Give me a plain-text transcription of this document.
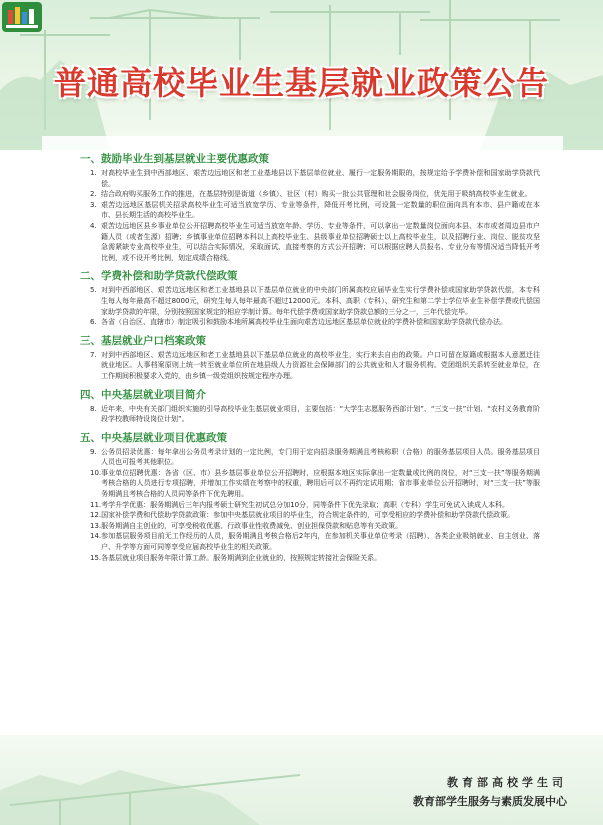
普通高校毕业生基层就业政策公告
一、鼓励毕业生到基层就业主要优惠政策
1. 对高校毕业生到中西部地区、艰苦边远地区和老工业基地县以下基层单位就业、履行一定服务期限的，按规定给予学费补偿和国家助学贷款代偿。
2. 结合政府购买服务工作的推进，在基层特别是街道（乡镇）、社区（村）购买一批公共管理和社会服务岗位，优先用于吸纳高校毕业生就业。
3. 艰苦边远地区基层机关招录高校毕业生可适当放宽学历、专业等条件，降低开考比例，可设置一定数量的职位面向具有本市、县户籍或在本市、县长期生活的高校毕业生。
4. 艰苦边远地区县乡事业单位公开招聘高校毕业生可适当放宽年龄、学历、专业等条件，可以拿出一定数量岗位面向本县、本市或者周边县市户籍人员（或者生源）招聘；乡镇事业单位招聘本科以上高校毕业生、县级事业单位招聘硕士以上高校毕业生，以及招聘行业、岗位、脱贫攻坚急需紧缺专业高校毕业生，可以结合实际情况，采取面试、直接考察的方式公开招聘；可以根据应聘人员报名、专业分布等情况适当降低开考比例，或不设开考比例，划定成绩合格线。
二、学费补偿和助学贷款代偿政策
5. 对到中西部地区、艰苦边远地区和老工业基地县以下基层单位就业的中央部门所属高校应届毕业生实行学费补偿或国家助学贷款代偿，本专科生每人每年最高不超过8000元，研究生每人每年最高不超过12000元。本科、高职（专科）、研究生和第二学士学位毕业生补偿学费或代偿国家助学贷款的年限，分别按照国家规定的相应学制计算。每年代偿学费或国家助学贷款总额的三分之一，三年代偿完毕。
6. 各省（自治区、直辖市）制定吸引和鼓励本地所属高校毕业生面向艰苦边远地区基层单位就业的学费补偿和国家助学贷款代偿办法。
三、基层就业户口档案政策
7. 对到中西部地区、艰苦边远地区和老工业基地县以下基层单位就业的高校毕业生，实行来去自由的政策。户口可留在原籍或根据本人意愿迁往就业地区。人事档案原则上统一转至就业单位所在地县级人力资源社会保障部门的公共就业和人才服务机构。党团组织关系转至就业单位，在工作期间积极要求入党的，由乡镇一级党组织按规定程序办理。
四、中央基层就业项目简介
8. 近年来，中央有关部门组织实施的引导高校毕业生基层就业项目，主要包括：“大学生志愿服务西部计划”、“三支一扶”计划、“农村义务教育阶段学校教师特设岗位计划”。
五、中央基层就业项目优惠政策
9. 公务员招录优惠：每年拿出公务员考录计划的一定比例，专门用于定向招录服务期满且考核称职（合格）的服务基层项目人员。服务基层项目人员也可报考其他职位。
10. 事业单位招聘优惠：各省（区、市）县乡基层事业单位公开招聘时，应根据本地区实际拿出一定数量或比例的岗位，对“三支一扶”等服务期满考核合格的人员进行专项招聘，并增加工作实绩在考察中的权重，聘用后可以不再约定试用期；省市事业单位公开招聘时，对“三支一扶”等服务期满且考核合格的人员同等条件下优先聘用。
11. 考学升学优惠：服务期满后三年内报考硕士研究生初试总分加10分，同等条件下优先录取；高职（专科）学生可免试入读成人本科。
12. 国家补偿学费和代偿助学贷款政策：参加中央基层就业项目的毕业生，符合规定条件的，可享受相应的学费补偿和助学贷款代偿政策。
13. 服务期满自主创业的，可享受税收优惠、行政事业性收费减免、创业担保贷款和贴息等有关政策。
14. 参加基层服务项目前无工作经历的人员，服务期满且考核合格后2年内，在参加机关事业单位考录（招聘）、各类企业吸纳就业、自主创业、落户、升学等方面可同等享受应届高校毕业生的相关政策。
15. 各基层就业项目服务年限计算工龄。服务期满到企业就业的，按照规定转接社会保险关系。
教育部高校学生司
教育部学生服务与素质发展中心
